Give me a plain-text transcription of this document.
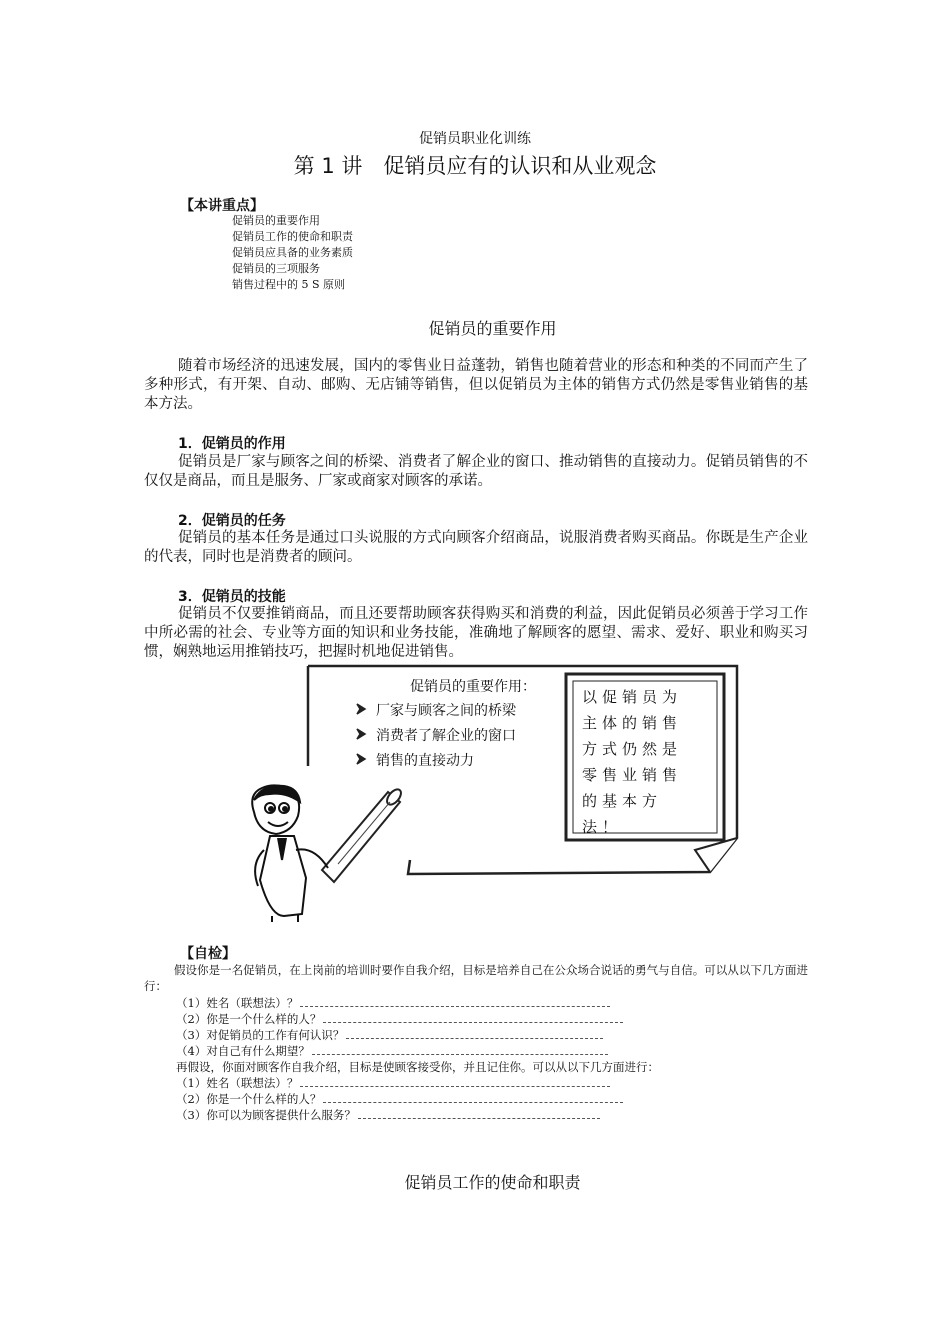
促销员职业化训练
第 1 讲　促销员应有的认识和从业观念
【本讲重点】
促销员的重要作用
促销员工作的使命和职责
促销员应具备的业务素质
促销员的三项服务
销售过程中的 5 S 原则
促销员的重要作用

随着市场经济的迅速发展，国内的零售业日益蓬勃，销售也随着营业的形态和种类的不同而产生了多种形式，有开架、自动、邮购、无店铺等销售，但以促销员为主体的销售方式仍然是零售业销售的基本方法。

1．促销员的作用

促销员是厂家与顾客之间的桥梁、消费者了解企业的窗口、推动销售的直接动力。促销员销售的不仅仅是商品，而且是服务、厂家或商家对顾客的承诺。

2．促销员的任务

促销员的基本任务是通过口头说服的方式向顾客介绍商品，说服消费者购买商品。你既是生产企业的代表，同时也是消费者的顾问。

3．促销员的技能

促销员不仅要推销商品，而且还要帮助顾客获得购买和消费的利益，因此促销员必须善于学习工作中所必需的社会、专业等方面的知识和业务技能，准确地了解顾客的愿望、需求、爱好、职业和购买习惯，娴熟地运用推销技巧，把握时机地促进销售。

促销员的重要作用：
厂家与顾客之间的桥梁
消费者了解企业的窗口
销售的直接动力
以促销员为主体的销售方式仍然是零售业销售的基本方法！
【自检】

假设你是一名促销员，在上岗前的培训时要作自我介绍，目标是培养自己在公众场合说话的勇气与自信。可以从以下几方面进行：

（1）姓名（联想法）？
（2）你是一个什么样的人？
（3）对促销员的工作有何认识？
（4）对自己有什么期望？

再假设，你面对顾客作自我介绍，目标是使顾客接受你，并且记住你。可以从以下几方面进行：

（1）姓名（联想法）？
（2）你是一个什么样的人？
（3）你可以为顾客提供什么服务？
促销员工作的使命和职责
